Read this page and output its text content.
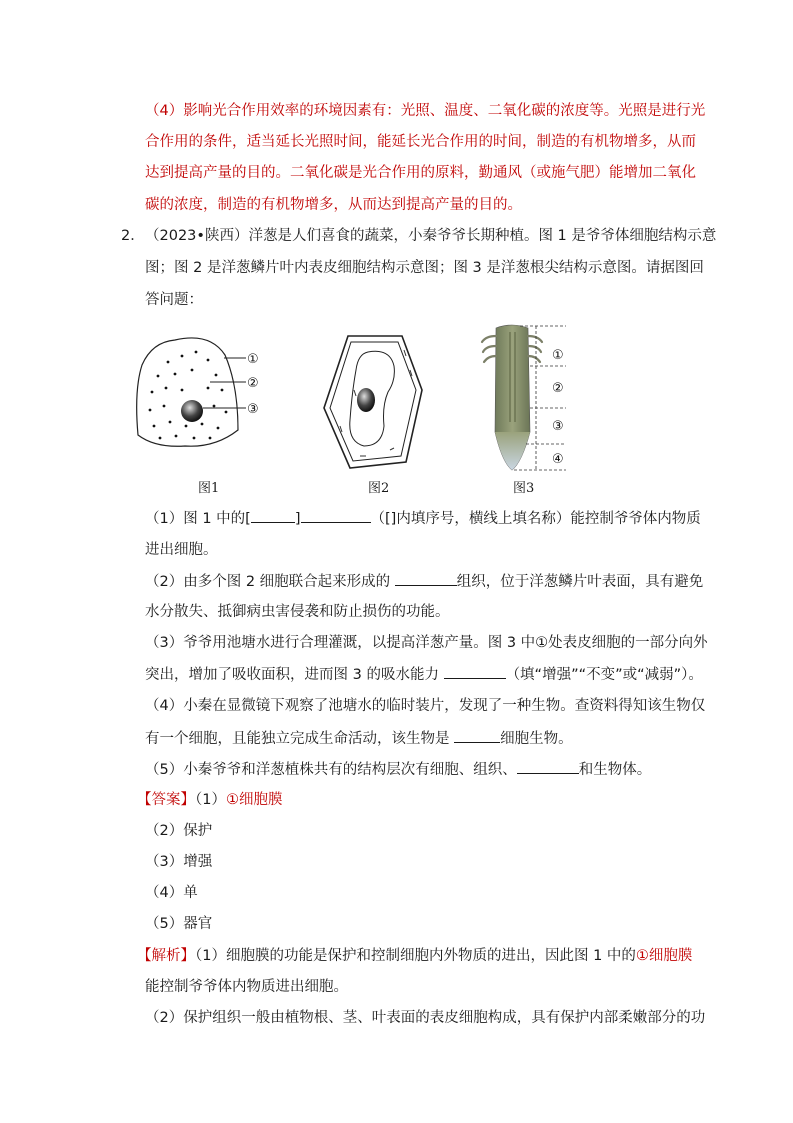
（4）影响光合作用效率的环境因素有：光照、温度、二氧化碳的浓度等。光照是进行光
合作用的条件，适当延长光照时间，能延长光合作用的时间，制造的有机物增多，从而
达到提高产量的目的。二氧化碳是光合作用的原料，勤通风（或施气肥）能增加二氧化
碳的浓度，制造的有机物增多，从而达到提高产量的目的。
2． （2023•陕西）洋葱是人们喜食的蔬菜，小秦爷爷长期种植。图 1 是爷爷体细胞结构示意
图；图 2 是洋葱鳞片叶内表皮细胞结构示意图；图 3 是洋葱根尖结构示意图。请据图回
答问题：
①
②
③
图1	图2
①
②
③
④
图3
（1）图 1 中的[	]	（[]内填序号，横线上填名称）能控制爷爷体内物质
进出细胞。
（2）由多个图 2 细胞联合起来形成的	组织，位于洋葱鳞片叶表面，具有避免
水分散失、抵御病虫害侵袭和防止损伤的功能。
（3）爷爷用池塘水进行合理灌溉，以提高洋葱产量。图 3 中①处表皮细胞的一部分向外
突出，增加了吸收面积，进而图 3 的吸水能力	（填“增强”“不变”或“减弱”）。
（4）小秦在显微镜下观察了池塘水的临时装片，发现了一种生物。查资料得知该生物仅
有一个细胞，且能独立完成生命活动，该生物是	细胞生物。
（5）小秦爷爷和洋葱植株共有的结构层次有细胞、组织、	和生物体。
【答案】（1）①细胞膜
（2）保护
（3）增强
（4）单
（5）器官
【解析】（1）细胞膜的功能是保护和控制细胞内外物质的进出，因此图 1 中的①细胞膜
能控制爷爷体内物质进出细胞。
（2）保护组织一般由植物根、茎、叶表面的表皮细胞构成，具有保护内部柔嫩部分的功
